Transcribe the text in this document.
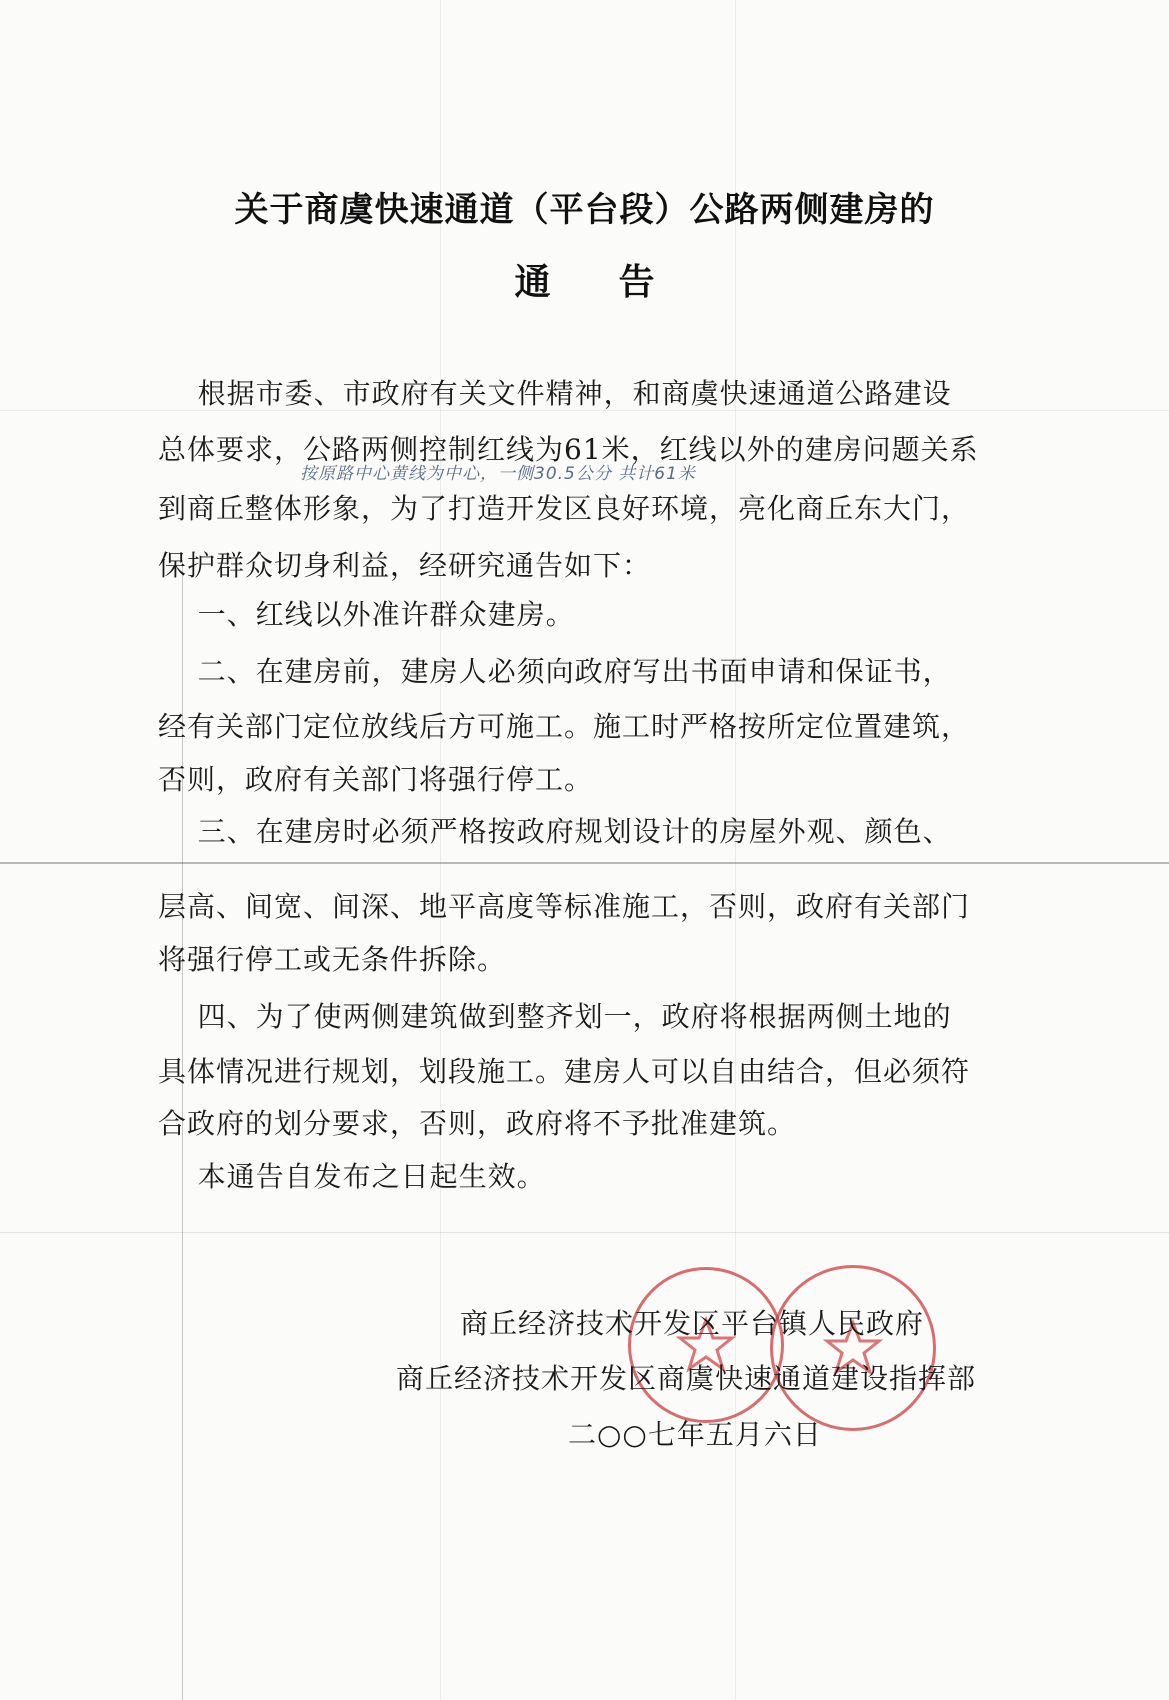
关于商虞快速通道（平台段）公路两侧建房的
通 告
根据市委、市政府有关文件精神，和商虞快速通道公路建设
总体要求，公路两侧控制红线为61米，红线以外的建房问题关系
按原路中心黄线为中心，一侧30.5公分 共计61米
到商丘整体形象，为了打造开发区良好环境，亮化商丘东大门，
保护群众切身利益，经研究通告如下：
一、红线以外准许群众建房。
二、在建房前，建房人必须向政府写出书面申请和保证书，
经有关部门定位放线后方可施工。施工时严格按所定位置建筑，
否则，政府有关部门将强行停工。
三、在建房时必须严格按政府规划设计的房屋外观、颜色、
层高、间宽、间深、地平高度等标准施工，否则，政府有关部门
将强行停工或无条件拆除。
四、为了使两侧建筑做到整齐划一，政府将根据两侧土地的
具体情况进行规划，划段施工。建房人可以自由结合，但必须符
合政府的划分要求，否则，政府将不予批准建筑。
本通告自发布之日起生效。
商丘经济技术开发区平台镇人民政府
商丘经济技术开发区商虞快速通道建设指挥部
二○○七年五月六日
